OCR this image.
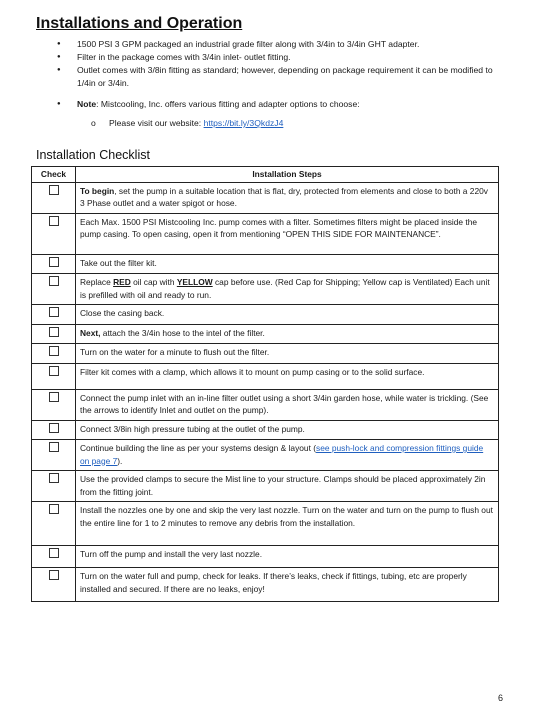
Installations and Operation
● 1500 PSI 3 GPM packaged an industrial grade filter along with 3/4in to 3/4in GHT adapter.
● Filter in the package comes with 3/4in inlet- outlet fitting.
● Outlet comes with 3/8in fitting as standard; however, depending on package requirement it can be modified to 1/4in or 3/4in.
● Note: Mistcooling, Inc. offers various fitting and adapter options to choose:
o Please visit our website: https://bit.ly/3QkdzJ4
Installation Checklist
Check	Installation Steps
	To begin, set the pump in a suitable location that is flat, dry, protected from elements and close to both a 220v 3 Phase outlet and a water spigot or hose.
	Each Max. 1500 PSI Mistcooling Inc. pump comes with a filter. Sometimes filters might be placed inside the pump casing. To open casing, open it from mentioning “OPEN THIS SIDE FOR MAINTENANCE”.
	Take out the filter kit.
	Replace RED oil cap with YELLOW cap before use. (Red Cap for Shipping; Yellow cap is Ventilated) Each unit is prefilled with oil and ready to run.
	Close the casing back.
	Next, attach the 3/4in hose to the intel of the filter.
	Turn on the water for a minute to flush out the filter.
	Filter kit comes with a clamp, which allows it to mount on pump casing or to the solid surface.
	Connect the pump inlet with an in-line filter outlet using a short 3/4in garden hose, while water is trickling. (See the arrows to identify Inlet and outlet on the pump).
	Connect 3/8in high pressure tubing at the outlet of the pump.
	Continue building the line as per your systems design & layout (see push-lock and compression fittings guide on page 7).
	Use the provided clamps to secure the Mist line to your structure. Clamps should be placed approximately 2in from the fitting joint.
	Install the nozzles one by one and skip the very last nozzle. Turn on the water and turn on the pump to flush out the entire line for 1 to 2 minutes to remove any debris from the installation.
	Turn off the pump and install the very last nozzle.
	Turn on the water full and pump, check for leaks. If there’s leaks, check if fittings, tubing, etc are properly installed and secured. If there are no leaks, enjoy!
6
